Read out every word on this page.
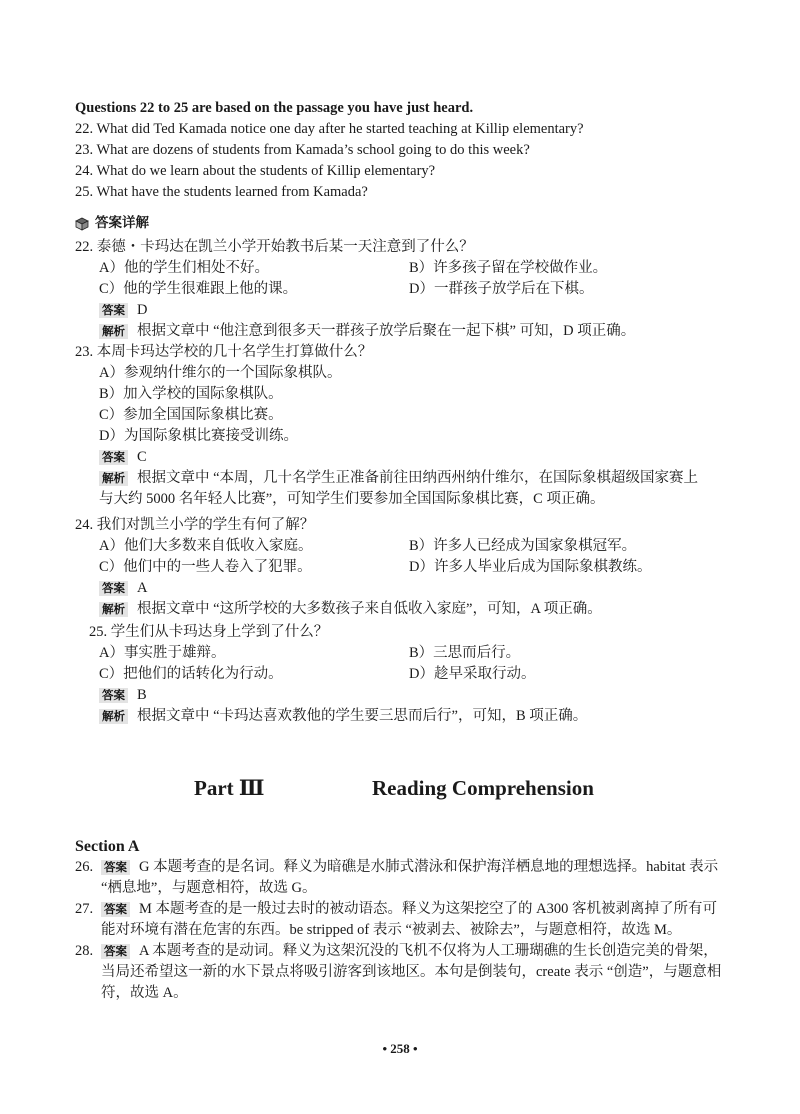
Questions 22 to 25 are based on the passage you have just heard.
22. What did Ted Kamada notice one day after he started teaching at Killip elementary?
23. What are dozens of students from Kamada’s school going to do this week?
24. What do we learn about the students of Killip elementary?
25. What have the students learned from Kamada?
答案详解
22. 泰德・卡玛达在凯兰小学开始教书后某一天注意到了什么？
A）他的学生们相处不好。	B）许多孩子留在学校做作业。
C）他的学生很难跟上他的课。	D）一群孩子放学后在下棋。
答案 D
解析 根据文章中 “他注意到很多天一群孩子放学后聚在一起下棋” 可知，D 项正确。
23. 本周卡玛达学校的几十名学生打算做什么？
A）参观纳什维尔的一个国际象棋队。
B）加入学校的国际象棋队。
C）参加全国国际象棋比赛。
D）为国际象棋比赛接受训练。
答案 C
解析 根据文章中 “本周，几十名学生正准备前往田纳西州纳什维尔，在国际象棋超级国家赛上
与大约 5000 名年轻人比赛”，可知学生们要参加全国国际象棋比赛，C 项正确。
24. 我们对凯兰小学的学生有何了解？
A）他们大多数来自低收入家庭。	B）许多人已经成为国家象棋冠军。
C）他们中的一些人卷入了犯罪。	D）许多人毕业后成为国际象棋教练。
答案 A
解析 根据文章中 “这所学校的大多数孩子来自低收入家庭”，可知，A 项正确。
25. 学生们从卡玛达身上学到了什么？
A）事实胜于雄辩。	B）三思而后行。
C）把他们的话转化为行动。	D）趁早采取行动。
答案 B
解析 根据文章中 “卡玛达喜欢教他的学生要三思而后行”，可知，B 项正确。
Part Ⅲ	Reading Comprehension
Section A
26. 答案 G 本题考查的是名词。释义为暗礁是水肺式潜泳和保护海洋栖息地的理想选择。habitat 表示
“栖息地”，与题意相符，故选 G。
27. 答案 M 本题考查的是一般过去时的被动语态。释义为这架挖空了的 A300 客机被剥离掉了所有可
能对环境有潜在危害的东西。be stripped of 表示 “被剥去、被除去”，与题意相符，故选 M。
28. 答案 A 本题考查的是动词。释义为这架沉没的飞机不仅将为人工珊瑚礁的生长创造完美的骨架，
当局还希望这一新的水下景点将吸引游客到该地区。本句是倒装句，create 表示 “创造”，与题意相
符，故选 A。
• 258 •
